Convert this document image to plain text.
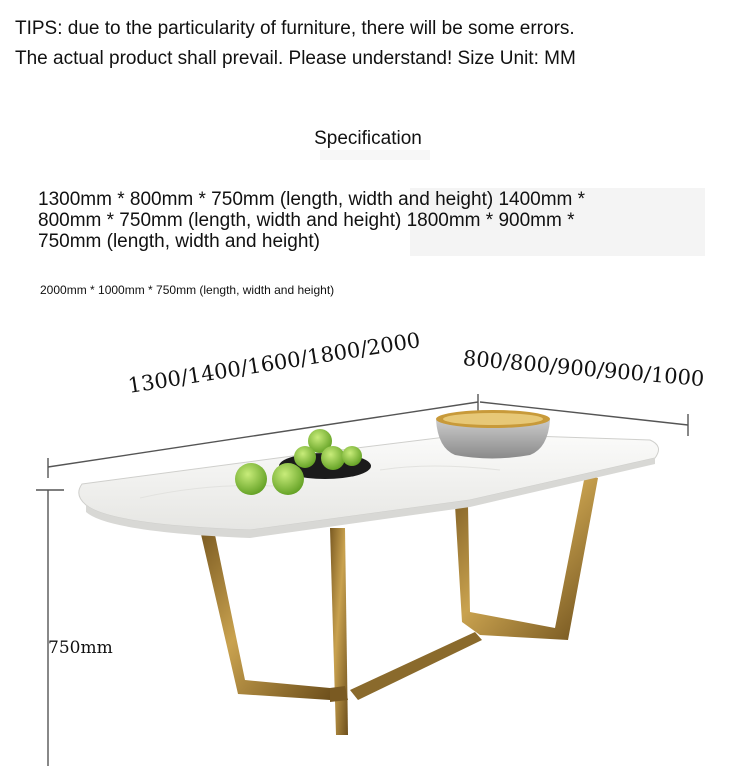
TIPS: due to the particularity of furniture, there will be some errors.
The actual product shall prevail. Please understand! Size Unit: MM
Specification
1300mm * 800mm * 750mm (length, width and height) 1400mm *
800mm * 750mm (length, width and height) 1800mm * 900mm *
750mm (length, width and height)
2000mm * 1000mm * 750mm (length, width and height)
1300/1400/1600/1800/2000 800/800/900/900/1000
750mm
